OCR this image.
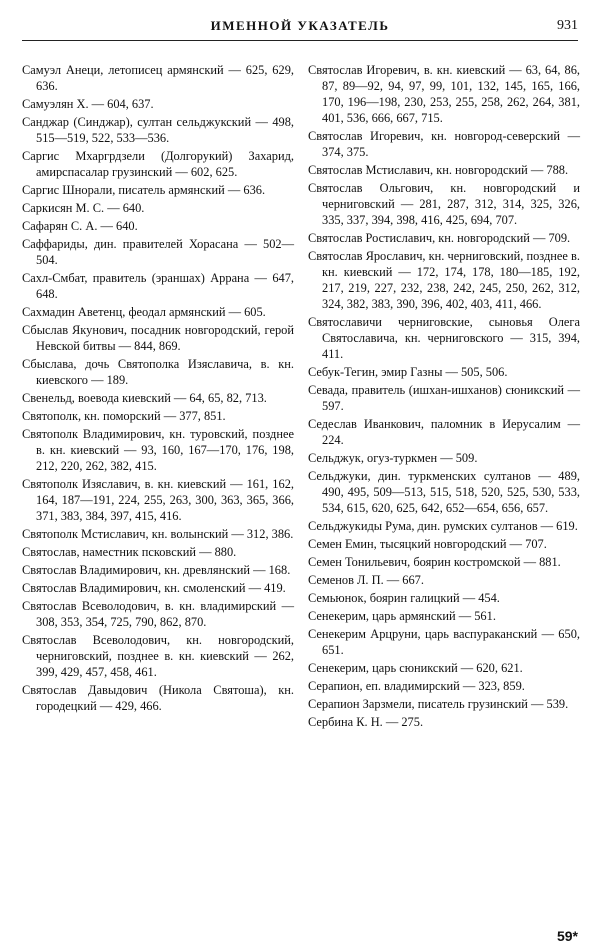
ИМЕННОЙ УКАЗАТЕЛЬ	931
Самуэл Анеци, летописец армянский — 625, 629, 636.
Самуэлян Х. — 604, 637.
Санджар (Синджар), султан сельджукский — 498, 515—519, 522, 533—536.
Саргис Мхаргрдзели (Долгорукий) Захарид, амирспасалар грузинский — 602, 625.
Саргис Шнорали, писатель армянский — 636.
Саркисян М. С. — 640.
Сафарян С. А. — 640.
Саффариды, дин. правителей Хорасана — 502—504.
Сахл-Смбат, правитель (эраншах) Аррана — 647, 648.
Сахмадин Аветенц, феодал армянский — 605.
Сбыслав Якунович, посадник новгородский, герой Невской битвы — 844, 869.
Сбыслава, дочь Святополка Изяславича, в. кн. киевского — 189.
Свенельд, воевода киевский — 64, 65, 82, 713.
Святополк, кн. поморский — 377, 851.
Святополк Владимирович, кн. туровский, позднее в. кн. киевский — 93, 160, 167—170, 176, 198, 212, 220, 262, 382, 415.
Святополк Изяславич, в. кн. киевский — 161, 162, 164, 187—191, 224, 255, 263, 300, 363, 365, 366, 371, 383, 384, 397, 415, 416.
Святополк Мстиславич, кн. волынский — 312, 386.
Святослав, наместник псковский — 880.
Святослав Владимирович, кн. древлянский — 168.
Святослав Владимирович, кн. смоленский — 419.
Святослав Всеволодович, в. кн. владимирский — 308, 353, 354, 725, 790, 862, 870.
Святослав Всеволодович, кн. новгородский, черниговский, позднее в. кн. киевский — 262, 399, 429, 457, 458, 461.
Святослав Давыдович (Никола Святоша), кн. городецкий — 429, 466.
Святослав Игоревич, в. кн. киевский — 63, 64, 86, 87, 89—92, 94, 97, 99, 101, 132, 145, 165, 166, 170, 196—198, 230, 253, 255, 258, 262, 264, 381, 401, 536, 666, 667, 715.
Святослав Игоревич, кн. новгород-северский — 374, 375.
Святослав Мстиславич, кн. новгородский — 788.
Святослав Ольгович, кн. новгородский и черниговский — 281, 287, 312, 314, 325, 326, 335, 337, 394, 398, 416, 425, 694, 707.
Святослав Ростиславич, кн. новгородский — 709.
Святослав Ярославич, кн. черниговский, позднее в. кн. киевский — 172, 174, 178, 180—185, 192, 217, 219, 227, 232, 238, 242, 245, 250, 262, 312, 324, 382, 383, 390, 396, 402, 403, 411, 466.
Святославичи черниговские, сыновья Олега Святославича, кн. черниговского — 315, 394, 411.
Себук-Тегин, эмир Газны — 505, 506.
Севада, правитель (ишхан-ишханов) сюникский — 597.
Седеслав Иванкович, паломник в Иерусалим — 224.
Сельджук, огуз-туркмен — 509.
Сельджуки, дин. туркменских султанов — 489, 490, 495, 509—513, 515, 518, 520, 525, 530, 533, 534, 615, 620, 625, 642, 652—654, 656, 657.
Сельджукиды Рума, дин. румских султанов — 619.
Семен Емин, тысяцкий новгородский — 707.
Семен Тонильевич, боярин костромской — 881.
Семенов Л. П. — 667.
Семьюнок, боярин галицкий — 454.
Сенекерим, царь армянский — 561.
Сенекерим Арцруни, царь васпураканский — 650, 651.
Сенекерим, царь сюникский — 620, 621.
Серапион, еп. владимирский — 323, 859.
Серапион Зарзмели, писатель грузинский — 539.
Сербина К. Н. — 275.
59*
